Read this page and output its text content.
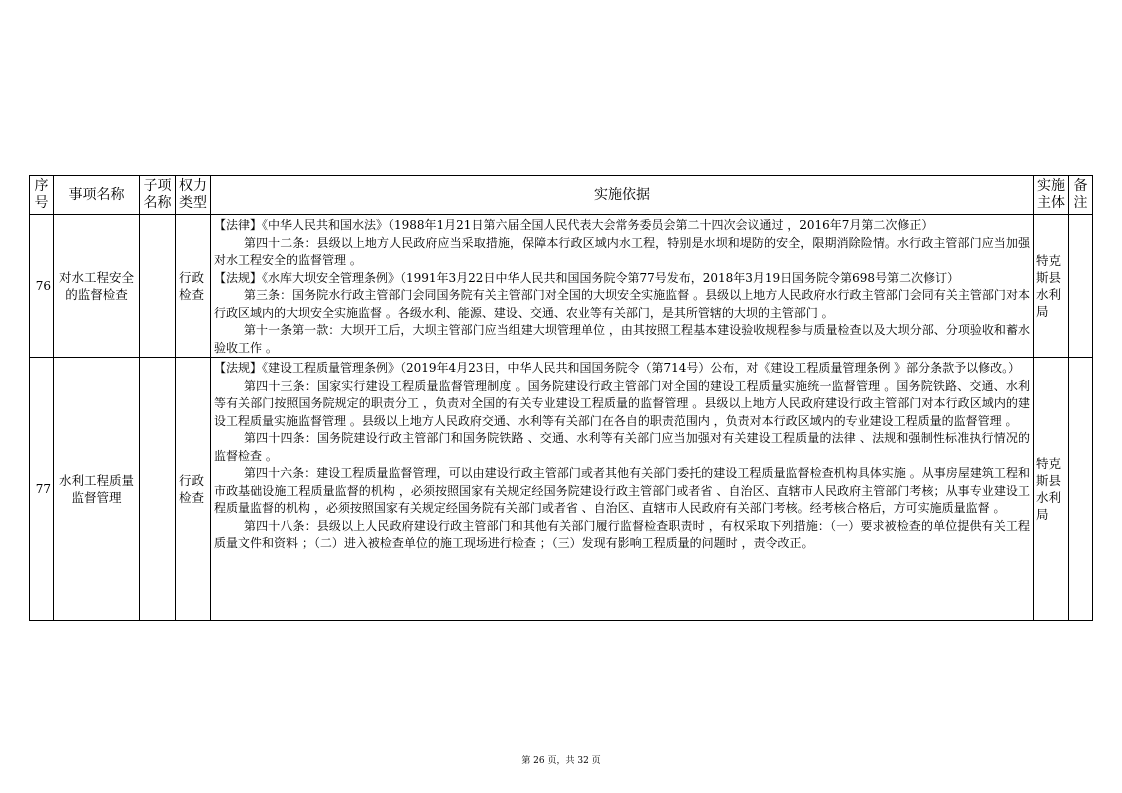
序号	事项名称	子项名称	权力类型	实施依据	实施主体	备注
76	对水工程安全的监督检查		行政检查	【法律】《中华人民共和国水法》（1988年1月21日第六届全国人民代表大会常务委员会第二十四次会议通过 ，2016年7月第二次修正）

第四十二条：县级以上地方人民政府应当采取措施，保障本行政区域内水工程，特别是水坝和堤防的安全，限期消除险情。水行政主管部门应当加强对水工程安全的监督管理 。

【法规】《水库大坝安全管理条例》（1991年3月22日中华人民共和国国务院令第77号发布，2018年3月19日国务院令第698号第二次修订）

第三条：国务院水行政主管部门会同国务院有关主管部门对全国的大坝安全实施监督 。县级以上地方人民政府水行政主管部门会同有关主管部门对本行政区域内的大坝安全实施监督 。各级水利、能源、建设、交通、农业等有关部门，是其所管辖的大坝的主管部门 。

第十一条第一款：大坝开工后，大坝主管部门应当组建大坝管理单位 ，由其按照工程基本建设验收规程参与质量检查以及大坝分部、分项验收和蓄水验收工作 。	特克斯县水利局	
77	水利工程质量监督管理		行政检查	【法规】《建设工程质量管理条例》（2019年4月23日，中华人民共和国国务院令（第714号）公布，对《建设工程质量管理条例 》部分条款予以修改。）

第四十三条：国家实行建设工程质量监督管理制度 。国务院建设行政主管部门对全国的建设工程质量实施统一监督管理 。国务院铁路、交通、水利等有关部门按照国务院规定的职责分工 ，负责对全国的有关专业建设工程质量的监督管理 。县级以上地方人民政府建设行政主管部门对本行政区域内的建设工程质量实施监督管理 。县级以上地方人民政府交通、水利等有关部门在各自的职责范围内 ，负责对本行政区域内的专业建设工程质量的监督管理 。

第四十四条：国务院建设行政主管部门和国务院铁路 、交通、水利等有关部门应当加强对有关建设工程质量的法律 、法规和强制性标准执行情况的监督检查 。

第四十六条：建设工程质量监督管理，可以由建设行政主管部门或者其他有关部门委托的建设工程质量监督检查机构具体实施 。从事房屋建筑工程和市政基础设施工程质量监督的机构 ，必须按照国家有关规定经国务院建设行政主管部门或者省 、自治区、直辖市人民政府主管部门考核；从事专业建设工程质量监督的机构 ，必须按照国家有关规定经国务院有关部门或者省 、自治区、直辖市人民政府有关部门考核。经考核合格后，方可实施质量监督 。

第四十八条：县级以上人民政府建设行政主管部门和其他有关部门履行监督检查职责时 ，有权采取下列措施：（一）要求被检查的单位提供有关工程质量文件和资料 ；（二）进入被检查单位的施工现场进行检查 ；（三）发现有影响工程质量的问题时 ，责令改正。	特克斯县水利局	
第 26 页，共 32 页
